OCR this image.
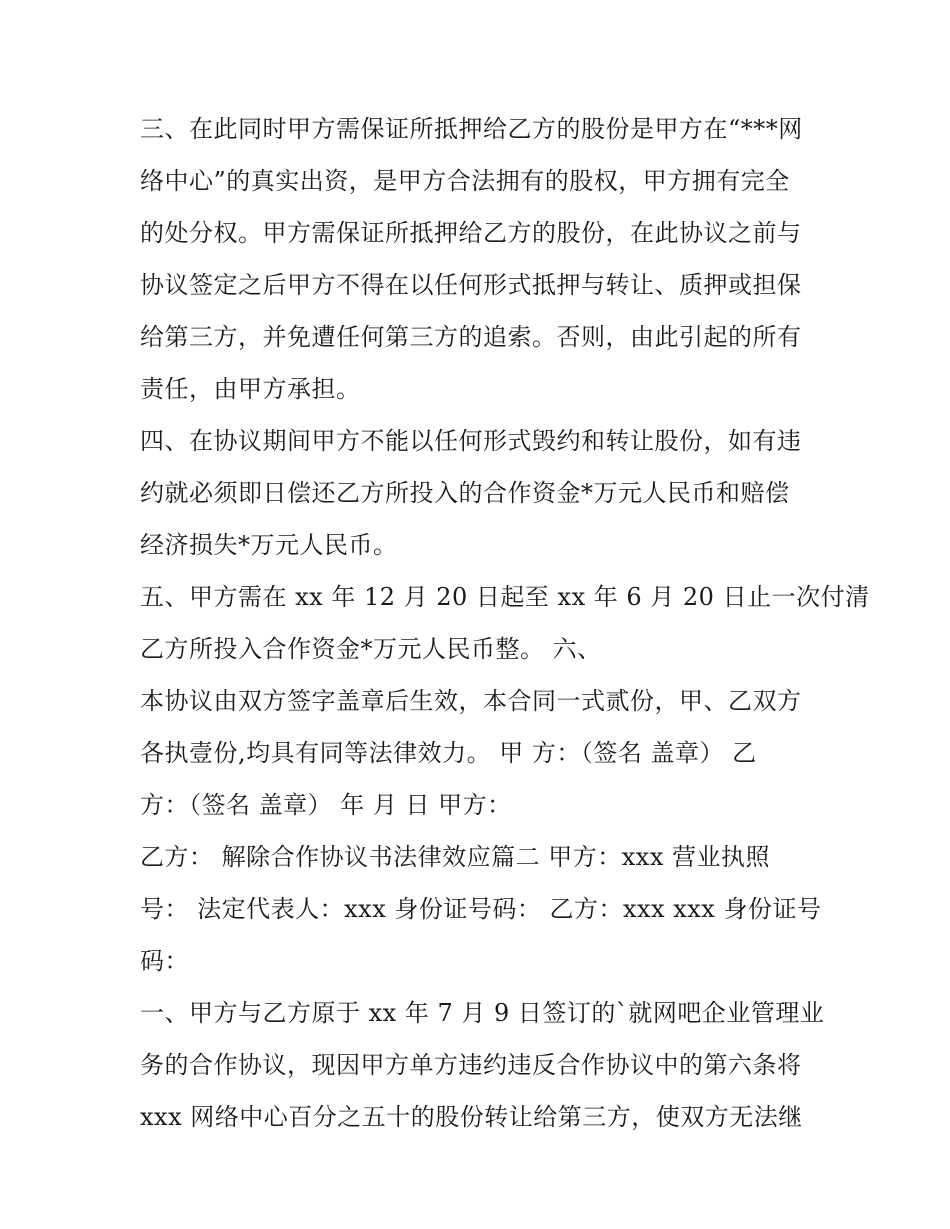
三、在此同时甲方需保证所抵押给乙方的股份是甲方在“***网
络中心”的真实出资，是甲方合法拥有的股权，甲方拥有完全
的处分权。甲方需保证所抵押给乙方的股份，在此协议之前与
协议签定之后甲方不得在以任何形式抵押与转让、质押或担保
给第三方，并免遭任何第三方的追索。否则，由此引起的所有
责任，由甲方承担。
四、在协议期间甲方不能以任何形式毁约和转让股份，如有违
约就必须即日偿还乙方所投入的合作资金*万元人民币和赔偿
经济损失*万元人民币。
五、甲方需在 xx 年 12 月 20 日起至 xx 年 6 月 20 日止一次付清
乙方所投入合作资金*万元人民币整。 六、
本协议由双方签字盖章后生效，本合同一式贰份，甲、乙双方
各执壹份,均具有同等法律效力。 甲 方：（签名 盖章） 乙
方：（签名 盖章） 年 月 日 甲方：
乙方： 解除合作协议书法律效应篇二 甲方：xxx 营业执照
号： 法定代表人：xxx 身份证号码： 乙方：xxx xxx 身份证号
码：
一、甲方与乙方原于 xx 年 7 月 9 日签订的`就网吧企业管理业
务的合作协议，现因甲方单方违约违反合作协议中的第六条将
xxx 网络中心百分之五十的股份转让给第三方，使双方无法继
